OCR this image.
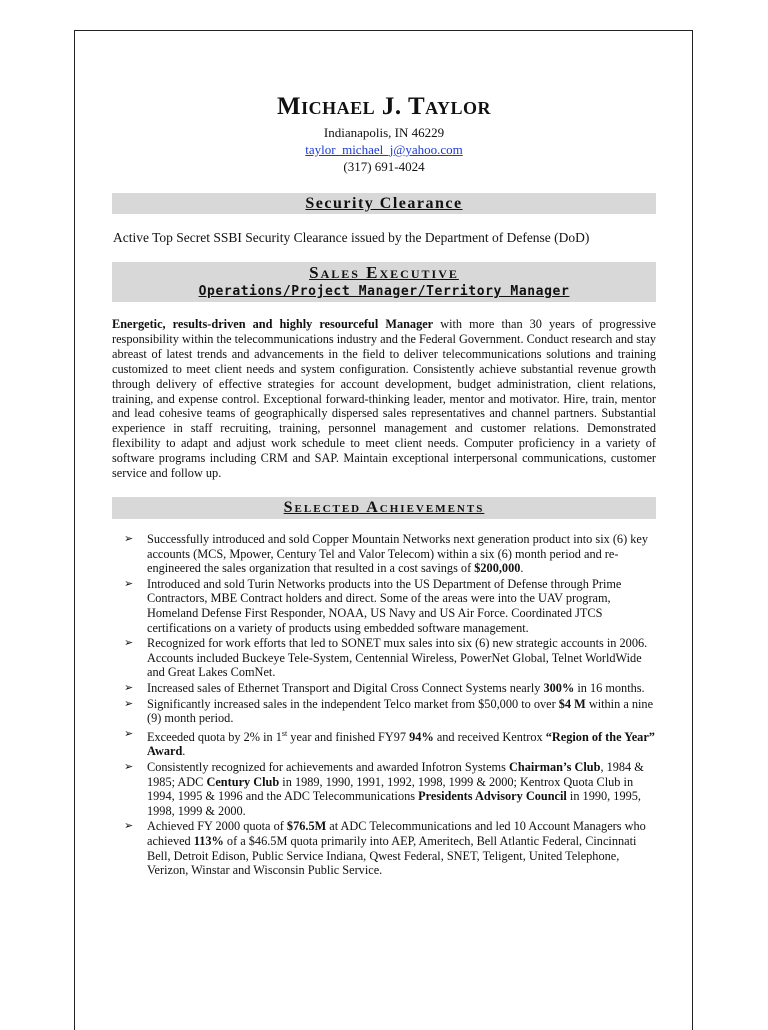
Michael J. Taylor
Indianapolis, IN 46229
taylor_michael_j@yahoo.com
(317) 691-4024
Security Clearance
Active Top Secret SSBI Security Clearance issued by the Department of Defense (DoD)
Sales Executive
Operations/Project Manager/Territory Manager
Energetic, results-driven and highly resourceful Manager with more than 30 years of progressive responsibility within the telecommunications industry and the Federal Government. Conduct research and stay abreast of latest trends and advancements in the field to deliver telecommunications solutions and training customized to meet client needs and system configuration. Consistently achieve substantial revenue growth through delivery of effective strategies for account development, budget administration, client relations, training, and expense control. Exceptional forward-thinking leader, mentor and motivator. Hire, train, mentor and lead cohesive teams of geographically dispersed sales representatives and channel partners. Substantial experience in staff recruiting, training, personnel management and customer relations. Demonstrated flexibility to adapt and adjust work schedule to meet client needs. Computer proficiency in a variety of software programs including CRM and SAP. Maintain exceptional interpersonal communications, customer service and follow up.
Selected Achievements
➢ Successfully introduced and sold Copper Mountain Networks next generation product into six (6) key accounts (MCS, Mpower, Century Tel and Valor Telecom) within a six (6) month period and re-engineered the sales organization that resulted in a cost savings of $200,000.
➢ Introduced and sold Turin Networks products into the US Department of Defense through Prime Contractors, MBE Contract holders and direct. Some of the areas were into the UAV program, Homeland Defense First Responder, NOAA, US Navy and US Air Force. Coordinated JTCS certifications on a variety of products using embedded software management.
➢ Recognized for work efforts that led to SONET mux sales into six (6) new strategic accounts in 2006. Accounts included Buckeye Tele-System, Centennial Wireless, PowerNet Global, Telnet WorldWide and Great Lakes ComNet.
➢ Increased sales of Ethernet Transport and Digital Cross Connect Systems nearly 300% in 16 months.
➢ Significantly increased sales in the independent Telco market from $50,000 to over $4 M within a nine (9) month period.
➢ Exceeded quota by 2% in 1st year and finished FY97 94% and received Kentrox “Region of the Year” Award.
➢ Consistently recognized for achievements and awarded Infotron Systems Chairman’s Club, 1984 & 1985; ADC Century Club in 1989, 1990, 1991, 1992, 1998, 1999 & 2000; Kentrox Quota Club in 1994, 1995 & 1996 and the ADC Telecommunications Presidents Advisory Council in 1990, 1995, 1998, 1999 & 2000.
➢ Achieved FY 2000 quota of $76.5M at ADC Telecommunications and led 10 Account Managers who achieved 113% of a $46.5M quota primarily into AEP, Ameritech, Bell Atlantic Federal, Cincinnati Bell, Detroit Edison, Public Service Indiana, Qwest Federal, SNET, Teligent, United Telephone, Verizon, Winstar and Wisconsin Public Service.
